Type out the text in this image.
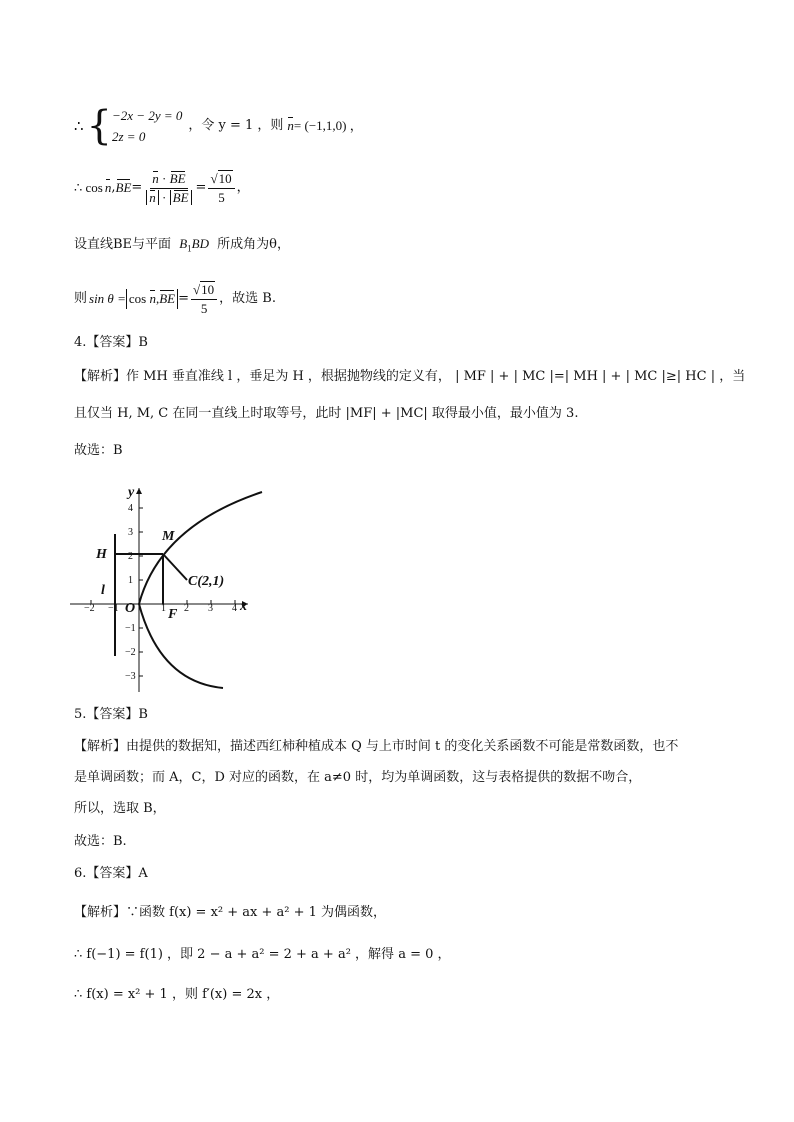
∴ { −2x − 2y = 0
2z = 0
，令 y = 1 ，则 n = (−1,1,0) ，
∴ cos n , BE = $\frac{n \cdot BE}{n \cdot BE} = \frac{√10}{5}$ ，
设直线BE与平面 $B_1BD$ 所成角为θ，
则 $\sin \theta = \cos n,BE = \frac{√10}{5}$ ，故选 B.
4.【答案】B
【解析】作 MH 垂直准线 l ，垂足为 H ，根据抛物线的定义有， | MF | + | MC |=| MH | + | MC |≥| HC | ，当
且仅当 H, M, C 在同一直线上时取等号，此时 |MF| + |MC| 取得最小值，最小值为 3.
故选：B
4
3
2
1
−1
−2
−3
−2 −1	1 2 3 4
y
x
O
H
M
l
F
C(2,1)
5.【答案】B
【解析】由提供的数据知，描述西红柿种植成本 Q 与上市时间 t 的变化关系函数不可能是常数函数，也不
是单调函数；而 A，C，D 对应的函数，在 a≠0 时，均为单调函数，这与表格提供的数据不吻合，
所以，选取 B，
故选：B.
6.【答案】A
【解析】∵函数 f(x) = x² + ax + a² + 1 为偶函数，
∴ f(−1) = f(1) ，即 2 − a + a² = 2 + a + a² ，解得 a = 0 ，
∴ f(x) = x² + 1 ，则 f′(x) = 2x ，
